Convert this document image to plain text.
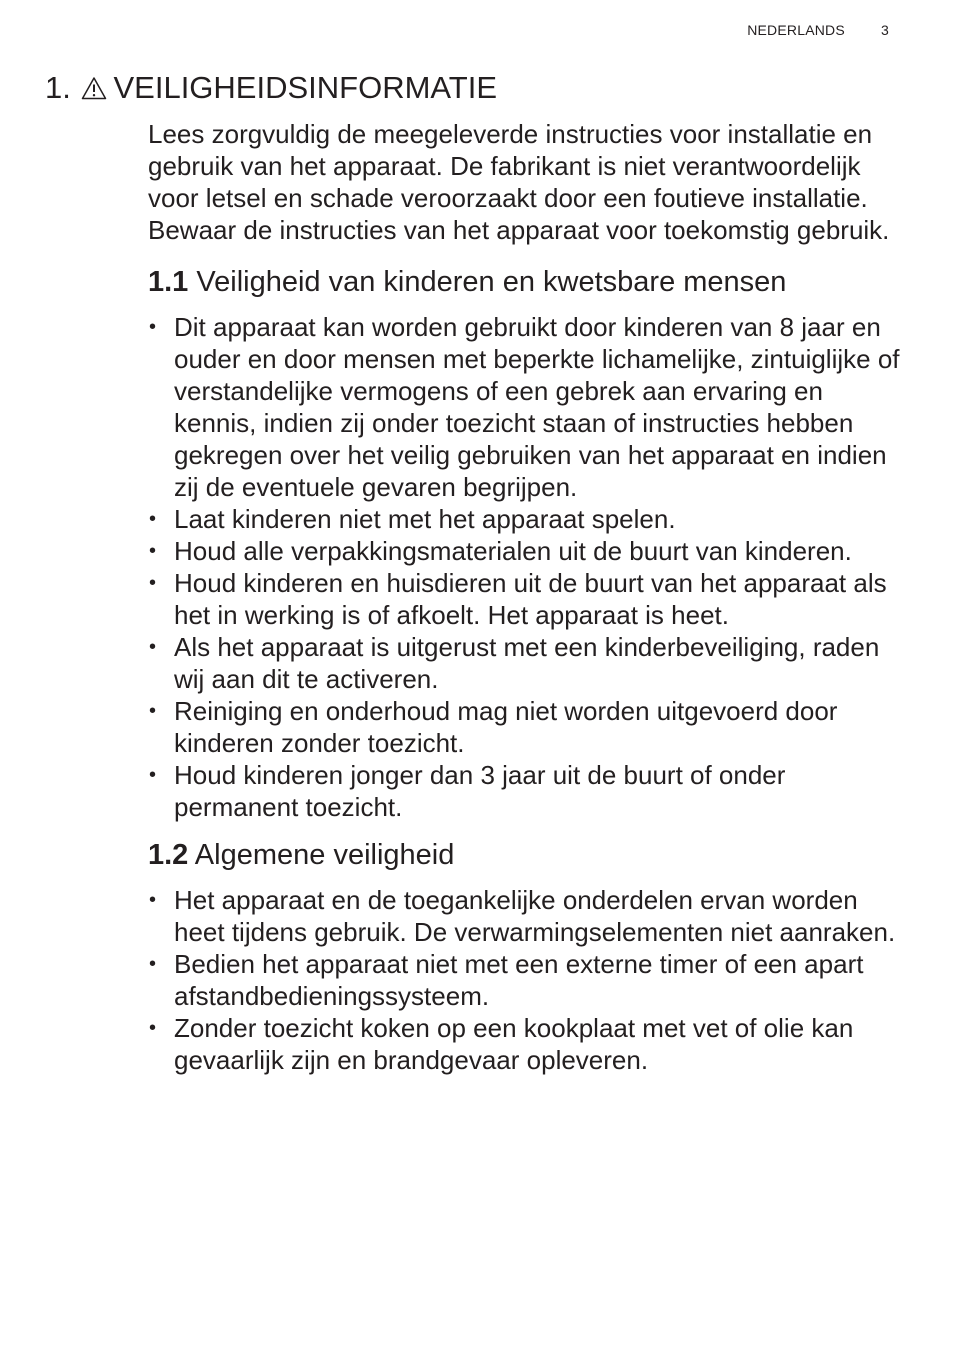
NEDERLANDS	3
1. VEILIGHEIDSINFORMATIE

Lees zorgvuldig de meegeleverde instructies voor installatie en gebruik van het apparaat. De fabrikant is niet verantwoordelijk voor letsel en schade veroorzaakt door een foutieve installatie. Bewaar de instructies van het apparaat voor toekomstig gebruik.

1.1 Veiligheid van kinderen en kwetsbare mensen
• Dit apparaat kan worden gebruikt door kinderen van 8 jaar en ouder en door mensen met beperkte lichamelijke, zintuiglijke of verstandelijke vermogens of een gebrek aan ervaring en kennis, indien zij onder toezicht staan of instructies hebben gekregen over het veilig gebruiken van het apparaat en indien zij de eventuele gevaren begrijpen.
• Laat kinderen niet met het apparaat spelen.
• Houd alle verpakkingsmaterialen uit de buurt van kinderen.
• Houd kinderen en huisdieren uit de buurt van het apparaat als het in werking is of afkoelt. Het apparaat is heet.
• Als het apparaat is uitgerust met een kinderbeveiliging, raden wij aan dit te activeren.
• Reiniging en onderhoud mag niet worden uitgevoerd door kinderen zonder toezicht.
• Houd kinderen jonger dan 3 jaar uit de buurt of onder permanent toezicht.
1.2 Algemene veiligheid
• Het apparaat en de toegankelijke onderdelen ervan worden heet tijdens gebruik. De verwarmingselementen niet aanraken.
• Bedien het apparaat niet met een externe timer of een apart afstandbedieningssysteem.
• Zonder toezicht koken op een kookplaat met vet of olie kan gevaarlijk zijn en brandgevaar opleveren.
